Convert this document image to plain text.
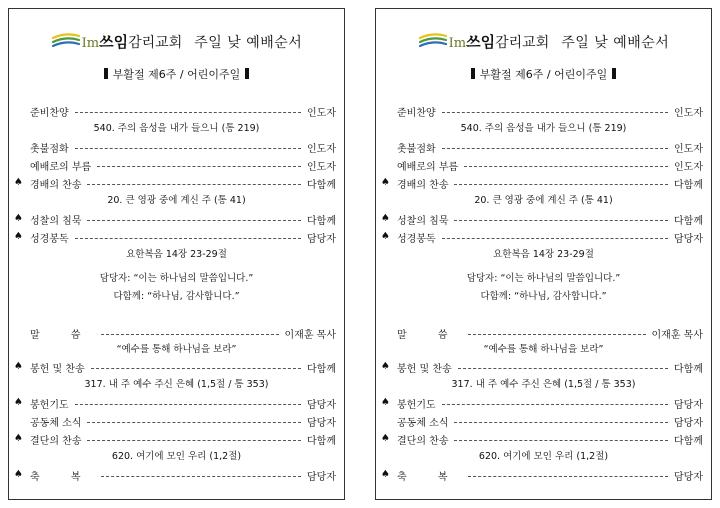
Im쓰임감리교회 주일 낮 예배순서
부활절 제6주 / 어린이주일
준비찬양	인도자
540. 주의 음성을 내가 들으니 (통 219)
촛불점화	인도자
예배로의 부름	인도자
♠ 경배의 찬송	다함께
20. 큰 영광 중에 계신 주 (통 41)
♠ 성찰의 침묵	다함께
♠ 성경봉독	담당자
요한복음 14장 23-29절
담당자: “이는 하나님의 말씀입니다.”
다함께: “하나님, 감사합니다.”
말 씀	이재훈 목사
“예수를 통해 하나님을 보라”
♠ 봉헌 및 찬송	다함께
317. 내 주 예수 주신 은혜 (1,5절 / 통 353)
♠ 봉헌기도	담당자
공동체 소식	담당자
♠ 결단의 찬송	다함께
620. 여기에 모인 우리 (1,2절)
♠ 축 복	담당자
Im쓰임감리교회 주일 낮 예배순서
부활절 제6주 / 어린이주일
준비찬양	인도자
540. 주의 음성을 내가 들으니 (통 219)
촛불점화	인도자
예배로의 부름	인도자
♠ 경배의 찬송	다함께
20. 큰 영광 중에 계신 주 (통 41)
♠ 성찰의 침묵	다함께
♠ 성경봉독	담당자
요한복음 14장 23-29절
담당자: “이는 하나님의 말씀입니다.”
다함께: “하나님, 감사합니다.”
말 씀	이재훈 목사
“예수를 통해 하나님을 보라”
♠ 봉헌 및 찬송	다함께
317. 내 주 예수 주신 은혜 (1,5절 / 통 353)
♠ 봉헌기도	담당자
공동체 소식	담당자
♠ 결단의 찬송	다함께
620. 여기에 모인 우리 (1,2절)
♠ 축 복	담당자
